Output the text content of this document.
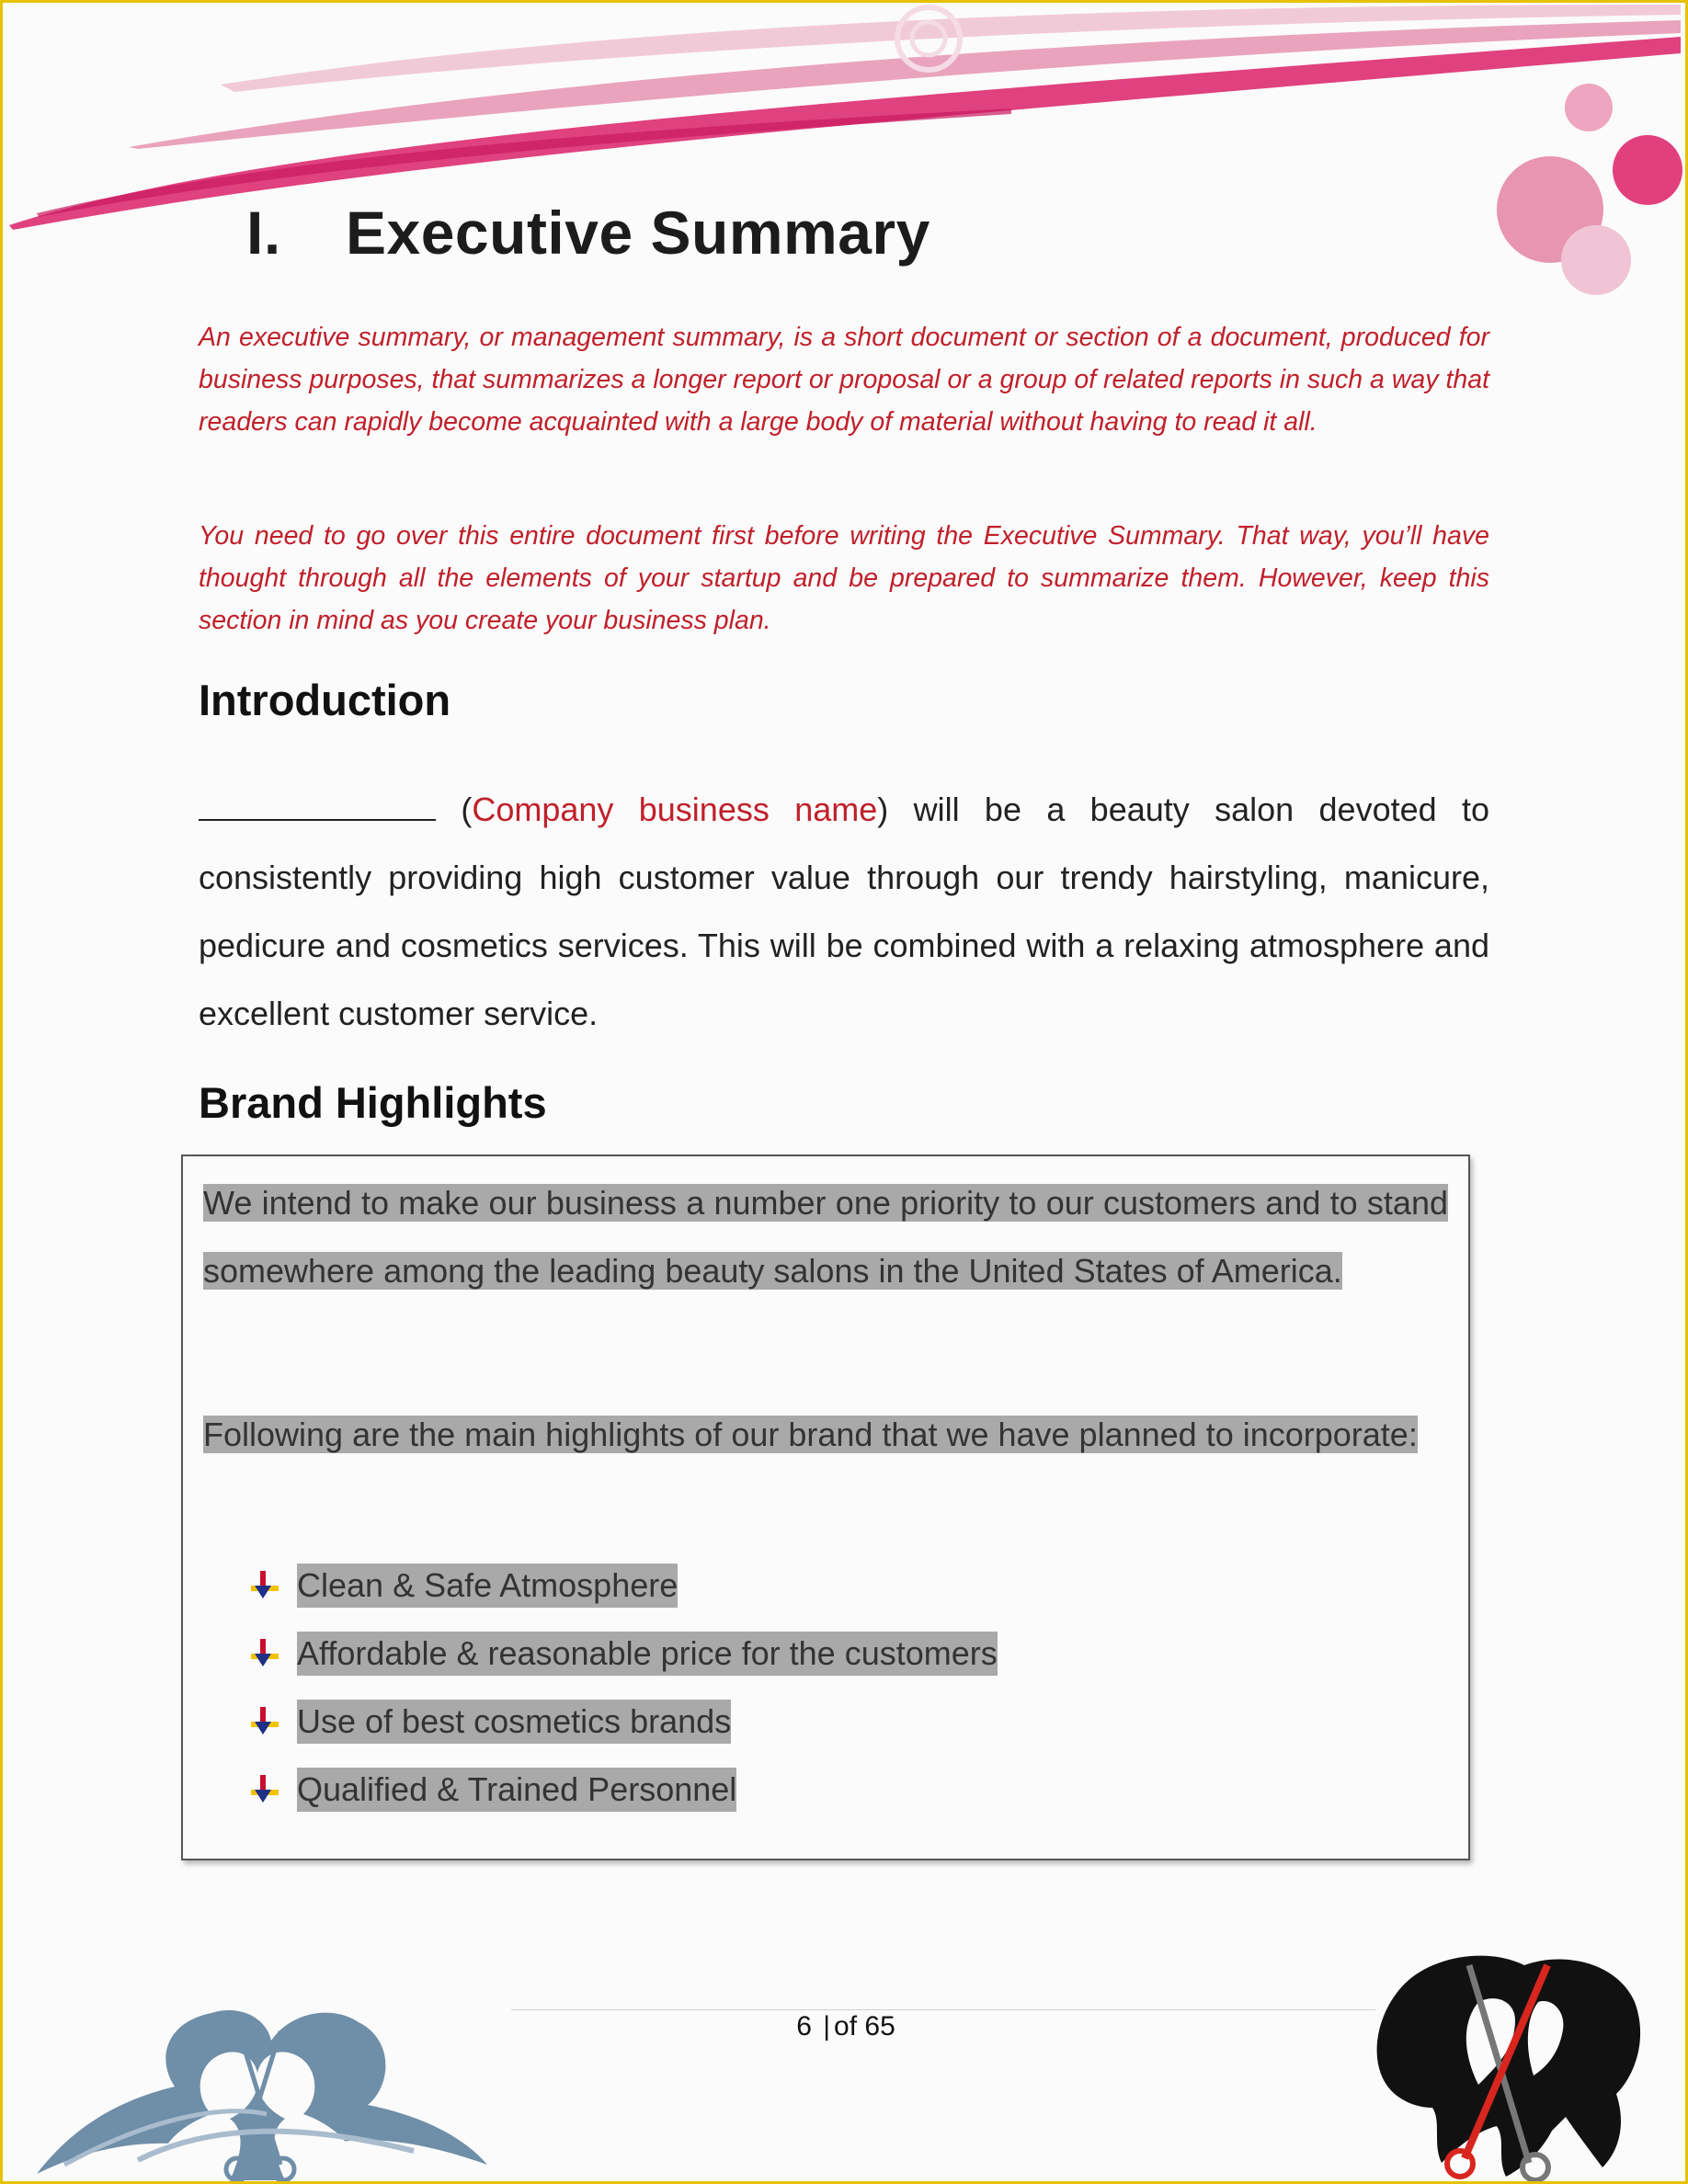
I. Executive Summary

An executive summary, or management summary, is a short document or section of a document, produced for business purposes, that summarizes a longer report or proposal or a group of related reports in such a way that readers can rapidly become acquainted with a large body of material without having to read it all.

You need to go over this entire document first before writing the Executive Summary. That way, you’ll have thought through all the elements of your startup and be prepared to summarize them. However, keep this section in mind as you create your business plan.

Introduction

(Company business name) will be a beauty salon devoted to consistently providing high customer value through our trendy hairstyling, manicure, pedicure and cosmetics services. This will be combined with a relaxing atmosphere and excellent customer service.

Brand Highlights

We intend to make our business a number one priority to our customers and to stand somewhere among the leading beauty salons in the United States of America.

Following are the main highlights of our brand that we have planned to incorporate:

Clean & Safe Atmosphere
Affordable & reasonable price for the customers
Use of best cosmetics brands
Qualified & Trained Personnel
6 | of 65
